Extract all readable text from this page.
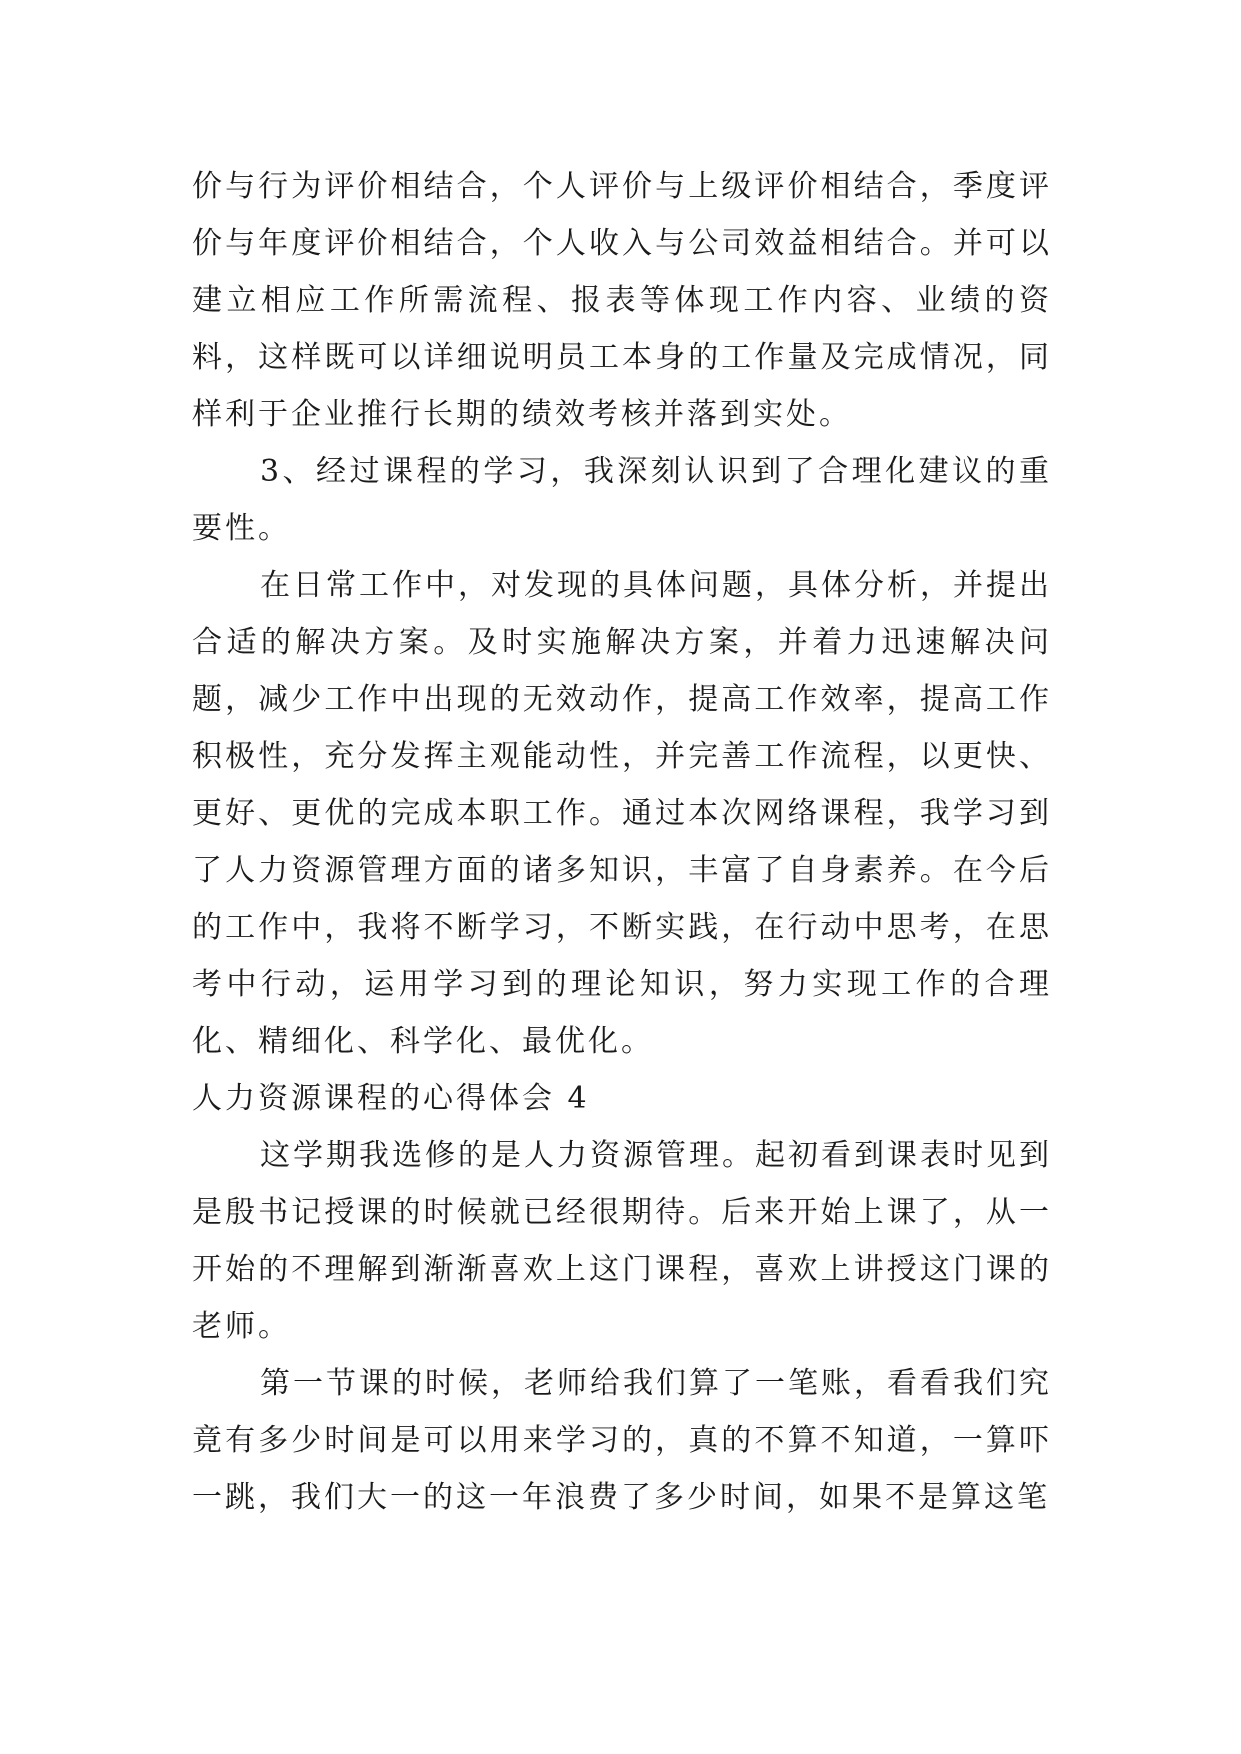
价与行为评价相结合，个人评价与上级评价相结合，季度评价与年度评价相结合，个人收入与公司效益相结合。并可以建立相应工作所需流程、报表等体现工作内容、业绩的资料，这样既可以详细说明员工本身的工作量及完成情况，同样利于企业推行长期的绩效考核并落到实处。

3、经过课程的学习，我深刻认识到了合理化建议的重要性。

在日常工作中，对发现的具体问题，具体分析，并提出合适的解决方案。及时实施解决方案，并着力迅速解决问题，减少工作中出现的无效动作，提高工作效率，提高工作积极性，充分发挥主观能动性，并完善工作流程，以更快、更好、更优的完成本职工作。通过本次网络课程，我学习到了人力资源管理方面的诸多知识，丰富了自身素养。在今后的工作中，我将不断学习，不断实践，在行动中思考，在思考中行动，运用学习到的理论知识，努力实现工作的合理化、精细化、科学化、最优化。

人力资源课程的心得体会 4

这学期我选修的是人力资源管理。起初看到课表时见到是殷书记授课的时候就已经很期待。后来开始上课了，从一开始的不理解到渐渐喜欢上这门课程，喜欢上讲授这门课的老师。

第一节课的时候，老师给我们算了一笔账，看看我们究竟有多少时间是可以用来学习的，真的不算不知道，一算吓一跳，我们大一的这一年浪费了多少时间，如果不是算这笔
